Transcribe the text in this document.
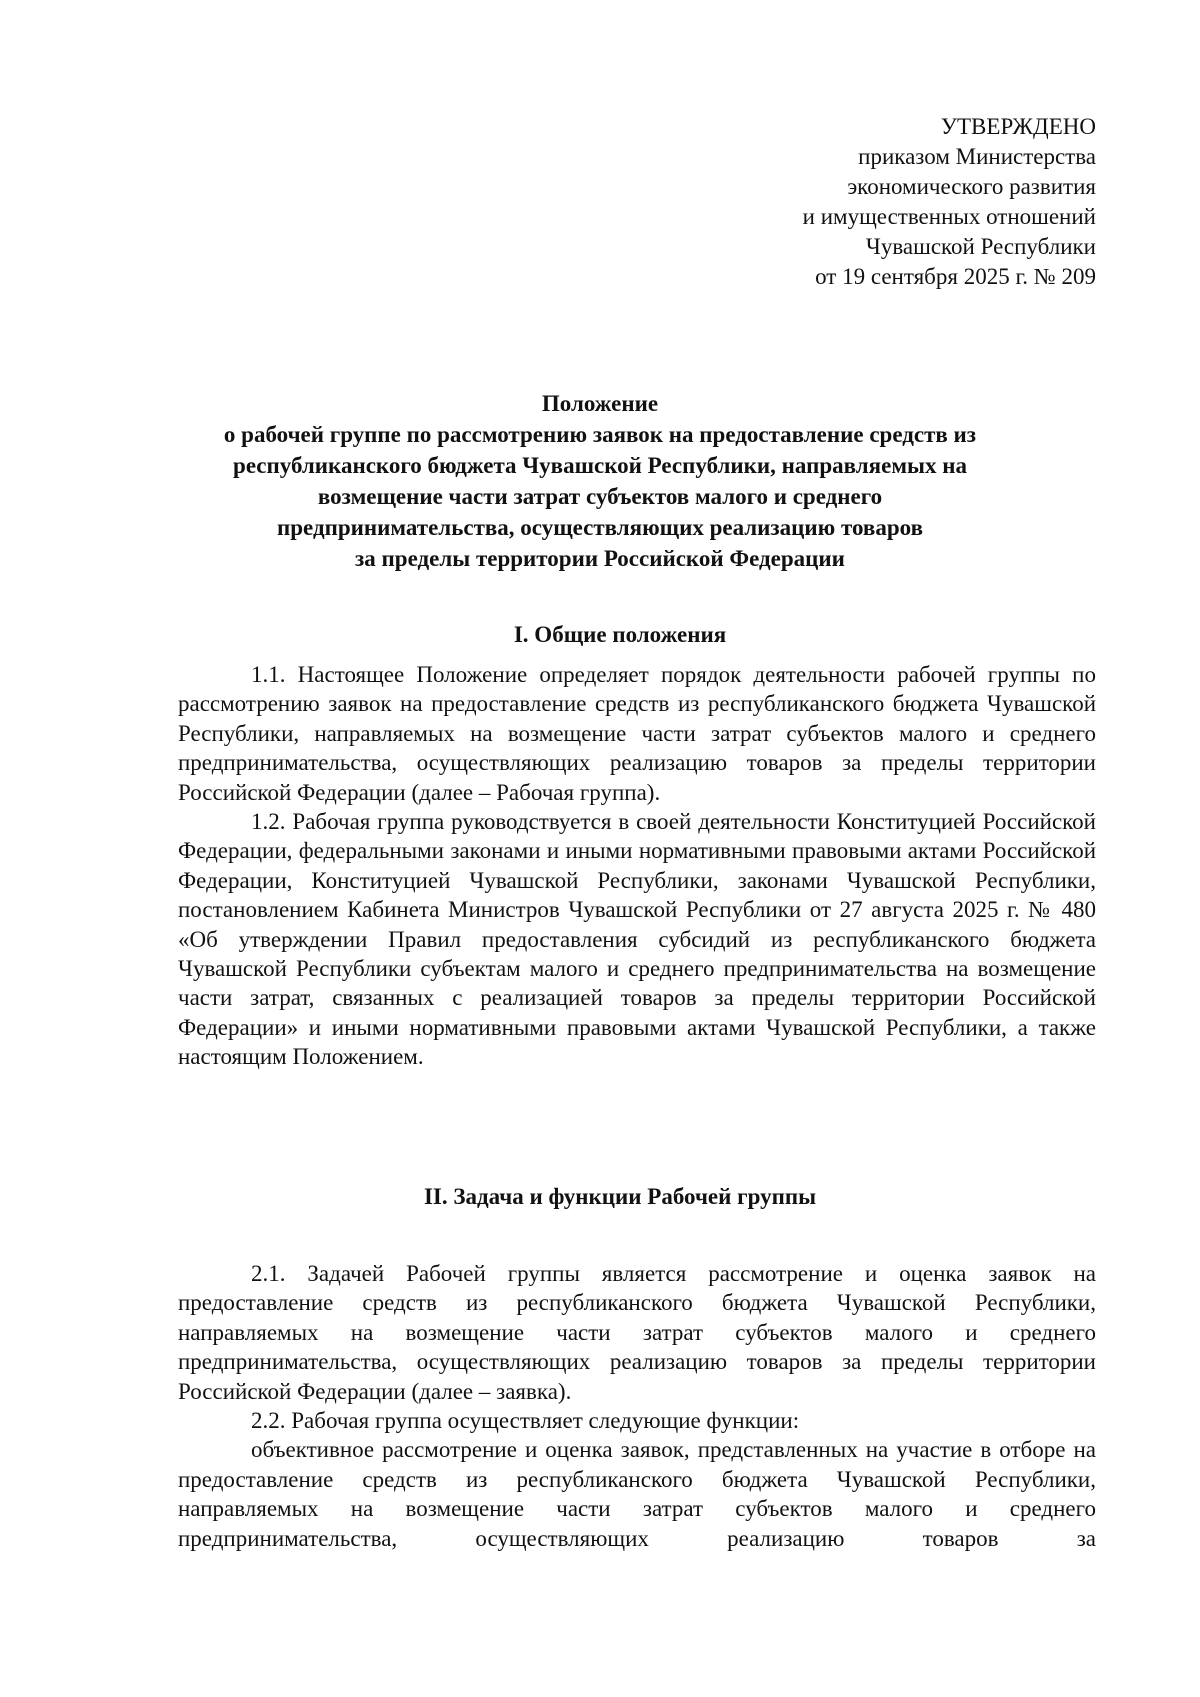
УТВЕРЖДЕНО
приказом Министерства
экономического развития
и имущественных отношений
Чувашской Республики
от 19 сентября 2025 г. № 209
Положение
о рабочей группе по рассмотрению заявок на предоставление средств из
республиканского бюджета Чувашской Республики, направляемых на
возмещение части затрат субъектов малого и среднего
предпринимательства, осуществляющих реализацию товаров
за пределы территории Российской Федерации
I. Общие положения

1.1. Настоящее Положение определяет порядок деятельности рабочей группы по рассмотрению заявок на предоставление средств из республиканского бюджета Чувашской Республики, направляемых на возмещение части затрат субъектов малого и среднего предпринимательства, осуществляющих реализацию товаров за пределы территории Российской Федерации (далее – Рабочая группа).

1.2. Рабочая группа руководствуется в своей деятельности Конституцией Российской Федерации, федеральными законами и иными нормативными правовыми актами Российской Федерации, Конституцией Чувашской Республики, законами Чувашской Республики, постановлением Кабинета Министров Чувашской Республики от 27 августа 2025 г. № 480 «Об утверждении Правил предоставления субсидий из республиканского бюджета Чувашской Республики субъектам малого и среднего предпринимательства на возмещение части затрат, связанных с реализацией товаров за пределы территории Российской Федерации» и иными нормативными правовыми актами Чувашской Республики, а также настоящим Положением.

II. Задача и функции Рабочей группы

2.1. Задачей Рабочей группы является рассмотрение и оценка заявок на предоставление средств из республиканского бюджета Чувашской Республики, направляемых на возмещение части затрат субъектов малого и среднего предпринимательства, осуществляющих реализацию товаров за пределы территории Российской Федерации (далее – заявка).

2.2. Рабочая группа осуществляет следующие функции:

объективное рассмотрение и оценка заявок, представленных на участие в отборе на предоставление средств из республиканского бюджета Чувашской Республики, направляемых на возмещение части затрат субъектов малого и среднего предпринимательства, осуществляющих реализацию товаров за
